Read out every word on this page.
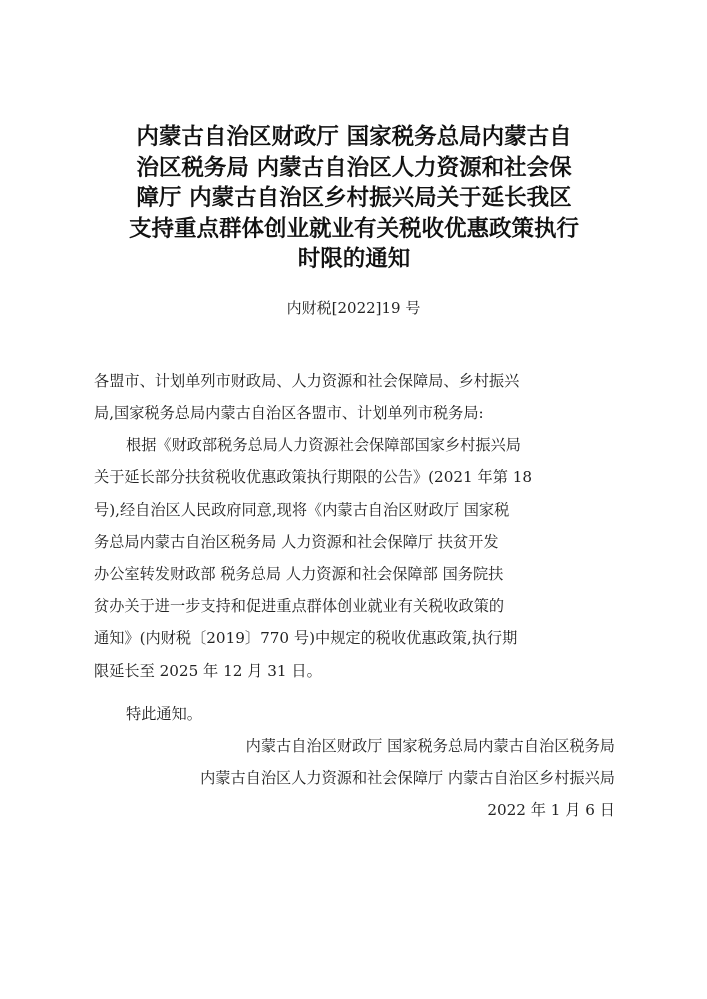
内蒙古自治区财政厅 国家税务总局内蒙古自
治区税务局 内蒙古自治区人力资源和社会保
障厅 内蒙古自治区乡村振兴局关于延长我区
支持重点群体创业就业有关税收优惠政策执行
时限的通知
内财税[2022]19 号
各盟市、计划单列市财政局、人力资源和社会保障局、乡村振兴
局,国家税务总局内蒙古自治区各盟市、计划单列市税务局:
根据《财政部税务总局人力资源社会保障部国家乡村振兴局
关于延长部分扶贫税收优惠政策执行期限的公告》(2021 年第 18
号),经自治区人民政府同意,现将《内蒙古自治区财政厅 国家税
务总局内蒙古自治区税务局 人力资源和社会保障厅 扶贫开发
办公室转发财政部 税务总局 人力资源和社会保障部 国务院扶
贫办关于进一步支持和促进重点群体创业就业有关税收政策的
通知》(内财税〔2019〕770 号)中规定的税收优惠政策,执行期
限延长至 2025 年 12 月 31 日。
特此通知。
内蒙古自治区财政厅 国家税务总局内蒙古自治区税务局
内蒙古自治区人力资源和社会保障厅 内蒙古自治区乡村振兴局
2022 年 1 月 6 日
